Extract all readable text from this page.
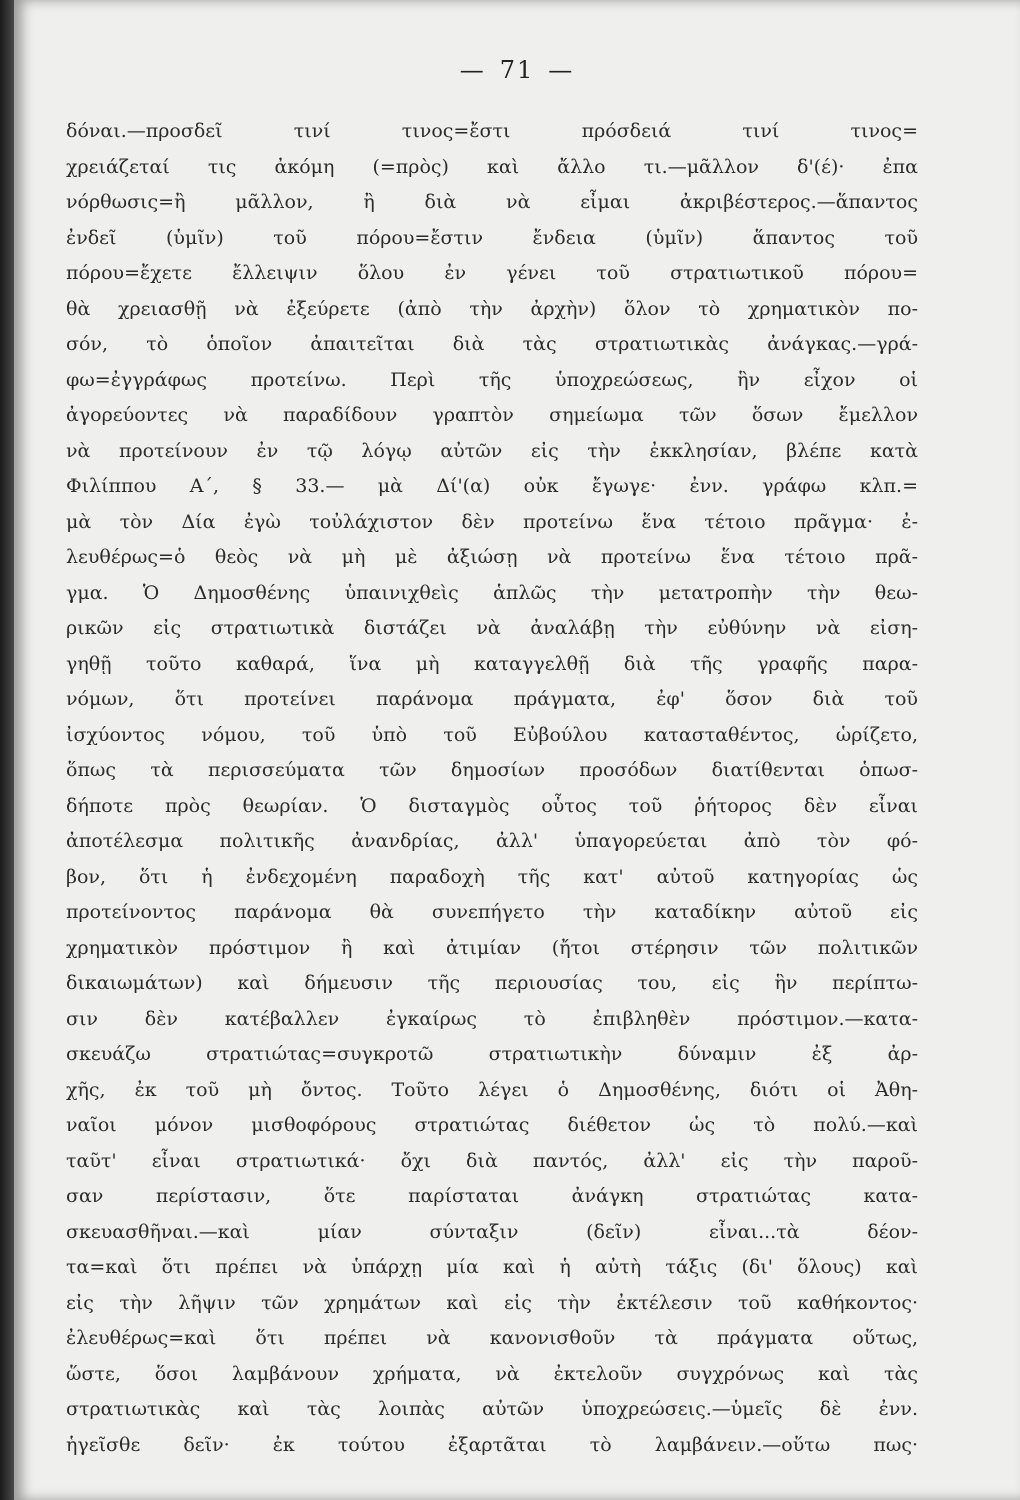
— 71 —
δόναι.—προσδεῖ τινί τινος=ἔστι πρόσδειά τινί τινος=
χρειάζεταί τις ἀκόμη (=πρὸς) καὶ ἄλλο τι.—μᾶλλον δ'(έ)· ἐπα
νόρθωσις=ἢ μᾶλλον, ἢ διὰ νὰ εἶμαι ἀκριβέστερος.—ἅπαντος
ἐνδεῖ (ὑμῖν) τοῦ πόρου=ἔστιν ἔνδεια (ὑμῖν) ἅπαντος τοῦ
πόρου=ἔχετε ἔλλειψιν ὅλου ἐν γένει τοῦ στρατιωτικοῦ πόρου=
θὰ χρειασθῇ νὰ ἐξεύρετε (ἀπὸ τὴν ἀρχὴν) ὅλον τὸ χρηματικὸν πο-
σόν, τὸ ὁποῖον ἀπαιτεῖται διὰ τὰς στρατιωτικὰς ἀνάγκας.—γρά-
φω=ἐγγράφως προτείνω. Περὶ τῆς ὑποχρεώσεως, ἣν εἶχον οἱ
ἀγορεύοντες νὰ παραδίδουν γραπτὸν σημείωμα τῶν ὅσων ἔμελλον
νὰ προτείνουν ἐν τῷ λόγῳ αὐτῶν εἰς τὴν ἐκκλησίαν, βλέπε κατὰ
Φιλίππου Α´, § 33.— μὰ Δί'(α) οὐκ ἔγωγε· ἐνν. γράφω κλπ.=
μὰ τὸν Δία ἐγὼ τοὐλάχιστον δὲν προτείνω ἕνα τέτοιο πρᾶγμα· ἐ-
λευθέρως=ὁ θεὸς νὰ μὴ μὲ ἀξιώσῃ νὰ προτείνω ἕνα τέτοιο πρᾶ-
γμα. Ὁ Δημοσθένης ὑπαινιχθεὶς ἁπλῶς τὴν μετατροπὴν τὴν θεω-
ρικῶν εἰς στρατιωτικὰ διστάζει νὰ ἀναλάβῃ τὴν εὐθύνην νὰ εἰση-
γηθῇ τοῦτο καθαρά, ἵνα μὴ καταγγελθῇ διὰ τῆς γραφῆς παρα-
νόμων, ὅτι προτείνει παράνομα πράγματα, ἐφ' ὅσον διὰ τοῦ
ἰσχύοντος νόμου, τοῦ ὑπὸ τοῦ Εὐβούλου κατασταθέντος, ὡρίζετο,
ὅπως τὰ περισσεύματα τῶν δημοσίων προσόδων διατίθενται ὁπωσ-
δήποτε πρὸς θεωρίαν. Ὁ δισταγμὸς οὗτος τοῦ ῥήτορος δὲν εἶναι
ἀποτέλεσμα πολιτικῆς ἀνανδρίας, ἀλλ' ὑπαγορεύεται ἀπὸ τὸν φό-
βον, ὅτι ἡ ἐνδεχομένη παραδοχὴ τῆς κατ' αὐτοῦ κατηγορίας ὡς
προτείνοντος παράνομα θὰ συνεπήγετο τὴν καταδίκην αὐτοῦ εἰς
χρηματικὸν πρόστιμον ἢ καὶ ἀτιμίαν (ἤτοι στέρησιν τῶν πολιτικῶν
δικαιωμάτων) καὶ δήμευσιν τῆς περιουσίας του, εἰς ἣν περίπτω-
σιν δὲν κατέβαλλεν ἐγκαίρως τὸ ἐπιβληθὲν πρόστιμον.—κατα-
σκευάζω στρατιώτας=συγκροτῶ στρατιωτικὴν δύναμιν ἐξ ἀρ-
χῆς, ἐκ τοῦ μὴ ὄντος. Τοῦτο λέγει ὁ Δημοσθένης, διότι οἱ Ἀθη-
ναῖοι μόνον μισθοφόρους στρατιώτας διέθετον ὡς τὸ πολύ.—καὶ
ταῦτ' εἶναι στρατιωτικά· ὄχι διὰ παντός, ἀλλ' εἰς τὴν παροῦ-
σαν περίστασιν, ὅτε παρίσταται ἀνάγκη στρατιώτας κατα-
σκευασθῆναι.—καὶ μίαν σύνταξιν (δεῖν) εἶναι...τὰ δέον-
τα=καὶ ὅτι πρέπει νὰ ὑπάρχῃ μία καὶ ἡ αὐτὴ τάξις (δι' ὅλους) καὶ
εἰς τὴν λῆψιν τῶν χρημάτων καὶ εἰς τὴν ἐκτέλεσιν τοῦ καθήκοντος·
ἐλευθέρως=καὶ ὅτι πρέπει νὰ κανονισθοῦν τὰ πράγματα οὕτως,
ὥστε, ὅσοι λαμβάνουν χρήματα, νὰ ἐκτελοῦν συγχρόνως καὶ τὰς
στρατιωτικὰς καὶ τὰς λοιπὰς αὐτῶν ὑποχρεώσεις.—ὑμεῖς δὲ ἐνν.
ἡγεῖσθε δεῖν· ἐκ τούτου ἐξαρτᾶται τὸ λαμβάνειν.—οὕτω πως·
